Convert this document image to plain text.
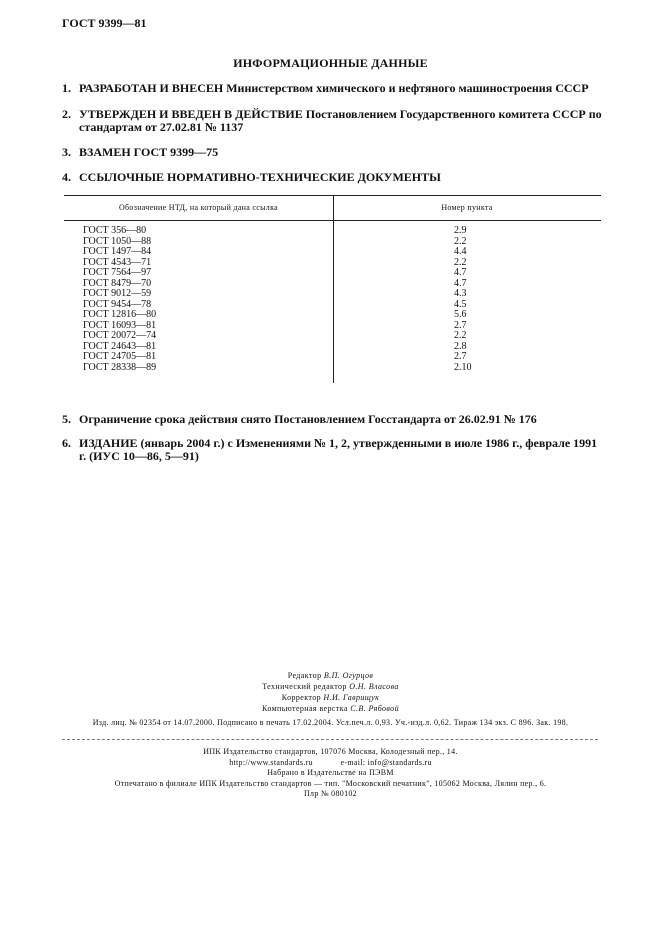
ГОСТ 9399—81
ИНФОРМАЦИОННЫЕ ДАННЫЕ
1. РАЗРАБОТАН И ВНЕСЕН Министерством химического и нефтяного машиностроения СССР
2. УТВЕРЖДЕН И ВВЕДЕН В ДЕЙСТВИЕ Постановлением Государственного комитета СССР по стандартам от 27.02.81 № 1137
3. ВЗАМЕН ГОСТ 9399—75
4. ССЫЛОЧНЫЕ НОРМАТИВНО-ТЕХНИЧЕСКИЕ ДОКУМЕНТЫ
Обозначение НТД, на который дана ссылка	Номер пункта
ГОСТ 356—80
ГОСТ 1050—88
ГОСТ 1497—84
ГОСТ 4543—71
ГОСТ 7564—97
ГОСТ 8479—70
ГОСТ 9012—59
ГОСТ 9454—78
ГОСТ 12816—80
ГОСТ 16093—81
ГОСТ 20072—74
ГОСТ 24643—81
ГОСТ 24705—81
ГОСТ 28338—89
2.9
2.2
4.4
2.2
4.7
4.7
4.3
4.5
5.6
2.7
2.2
2.8
2.7
2.10
5. Ограничение срока действия снято Постановлением Госстандарта от 26.02.91 № 176
6. ИЗДАНИЕ (январь 2004 г.) с Изменениями № 1, 2, утвержденными в июле 1986 г., феврале 1991 г. (ИУС 10—86, 5—91)
Редактор В.П. Огурцов
Технический редактор О.Н. Власова
Корректор Н.И. Гаврищук
Компьютерная верстка С.В. Рябовой
Изд. лиц. № 02354 от 14.07.2000. Подписано в печать 17.02.2004. Усл.печ.л. 0,93. Уч.-изд.л. 0,62. Тираж 134 экз. С 896. Зак. 198.
ИПК Издательство стандартов, 107076 Москва, Колодезный пер., 14.
http://www.standards.ru            e-mail: info@standards.ru
Набрано в Издательстве на ПЭВМ
Отпечатано в филиале ИПК Издательство стандартов — тип. "Московский печатник", 105062 Москва, Лялин пер., 6.
Плр № 080102
